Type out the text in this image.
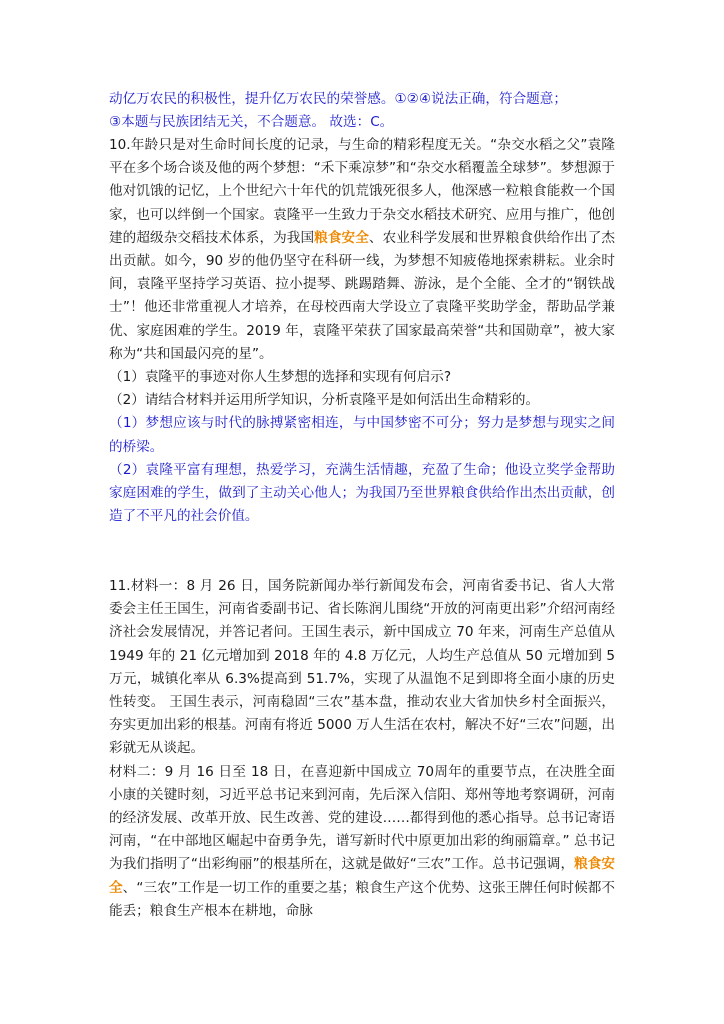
动亿万农民的积极性，提升亿万农民的荣誉感。①②④说法正确，符合题意；

③本题与民族团结无关，不合题意。 故选：C。

10.年龄只是对生命时间长度的记录，与生命的精彩程度无关。“杂交水稻之父”袁隆平在多个场合谈及他的两个梦想：“禾下乘凉梦”和“杂交水稻覆盖全球梦”。梦想源于他对饥饿的记忆，上个世纪六十年代的饥荒饿死很多人，他深感一粒粮食能救一个国家，也可以绊倒一个国家。袁隆平一生致力于杂交水稻技术研究、应用与推广，他创建的超级杂交稻技术体系，为我国粮食安全、农业科学发展和世界粮食供给作出了杰出贡献。如今，90 岁的他仍坚守在科研一线，为梦想不知疲倦地探索耕耘。业余时间，袁隆平坚持学习英语、拉小提琴、跳踢踏舞、游泳，是个全能、全才的“钢铁战士”！他还非常重视人才培养，在母校西南大学设立了袁隆平奖助学金，帮助品学兼优、家庭困难的学生。2019 年，袁隆平荣获了国家最高荣誉“共和国勋章”，被大家称为“共和国最闪亮的星”。

（1）袁隆平的事迹对你人生梦想的选择和实现有何启示?

（2）请结合材料并运用所学知识，分析袁隆平是如何活出生命精彩的。

（1）梦想应该与时代的脉搏紧密相连，与中国梦密不可分；努力是梦想与现实之间的桥梁。

（2）袁隆平富有理想，热爱学习，充满生活情趣，充盈了生命；他设立奖学金帮助家庭困难的学生，做到了主动关心他人；为我国乃至世界粮食供给作出杰出贡献，创造了不平凡的社会价值。

11.材料一：8 月 26 日，国务院新闻办举行新闻发布会，河南省委书记、省人大常委会主任王国生，河南省委副书记、省长陈润儿围绕“开放的河南更出彩”介绍河南经济社会发展情况，并答记者问。王国生表示，新中国成立 70 年来，河南生产总值从 1949 年的 21 亿元增加到 2018 年的 4.8 万亿元，人均生产总值从 50 元增加到 5 万元，城镇化率从 6.3%提高到 51.7%，实现了从温饱不足到即将全面小康的历史性转变。 王国生表示，河南稳固“三农”基本盘，推动农业大省加快乡村全面振兴，夯实更加出彩的根基。河南有将近 5000 万人生活在农村，解决不好“三农”问题，出彩就无从谈起。

材料二：9 月 16 日至 18 日，在喜迎新中国成立 70周年的重要节点，在决胜全面小康的关键时刻，习近平总书记来到河南，先后深入信阳、郑州等地考察调研，河南的经济发展、改革开放、民生改善、党的建设……都得到他的悉心指导。总书记寄语河南，“在中部地区崛起中奋勇争先，谱写新时代中原更加出彩的绚丽篇章。” 总书记为我们指明了“出彩绚丽”的根基所在，这就是做好“三农”工作。总书记强调，粮食安全、“三农”工作是一切工作的重要之基；粮食生产这个优势、这张王牌任何时候都不能丢；粮食生产根本在耕地，命脉
